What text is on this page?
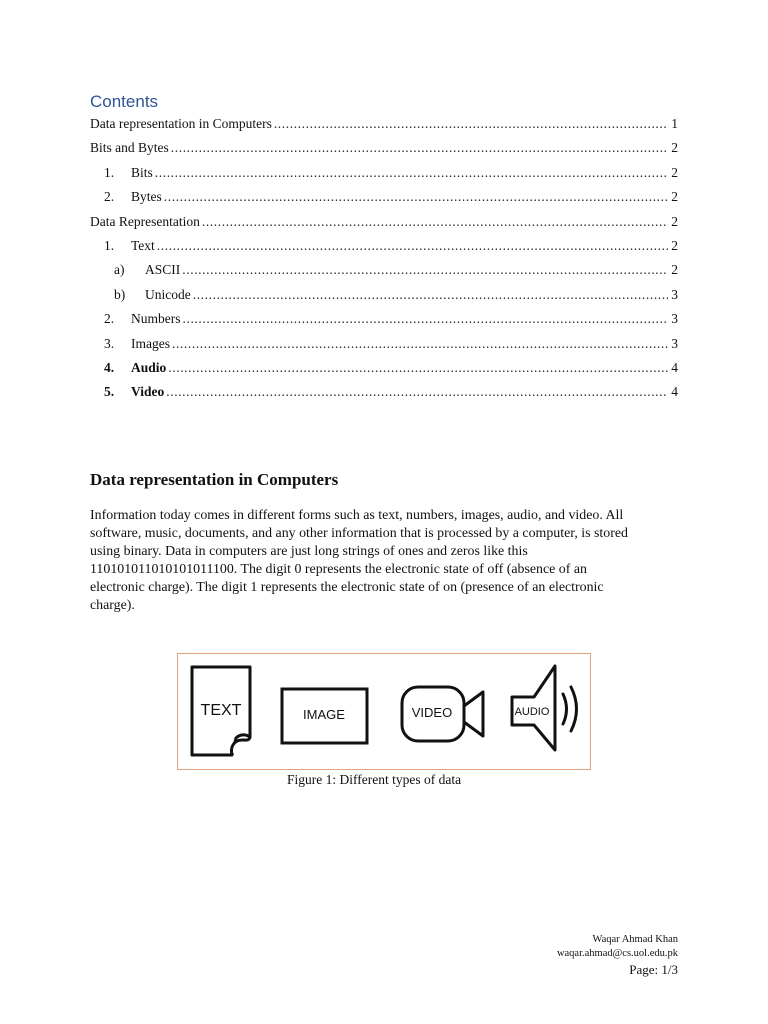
Contents
Data representation in Computers .....	1
Bits and Bytes .....	2
1.	Bits .....	2
2.	Bytes .....	2
Data Representation .....	2
1.	Text .....	2
a)	ASCII .....	2
b)	Unicode .....	3
2.	Numbers .....	3
3.	Images .....	3
4.	Audio .....	4
5.	Video .....	4
Data representation in Computers

Information today comes in different forms such as text, numbers, images, audio, and video. All
software, music, documents, and any other information that is processed by a computer, is stored
using binary. Data in computers are just long strings of ones and zeros like this
110101011010101011100. The digit 0 represents the electronic state of off (absence of an
electronic charge). The digit 1 represents the electronic state of on (presence of an electronic
charge).

TEXT	IMAGE	VIDEO	AUDIO

Figure 1: Different types of data

Waqar Ahmad Khan
waqar.ahmad@cs.uol.edu.pk
Page: 1/3
